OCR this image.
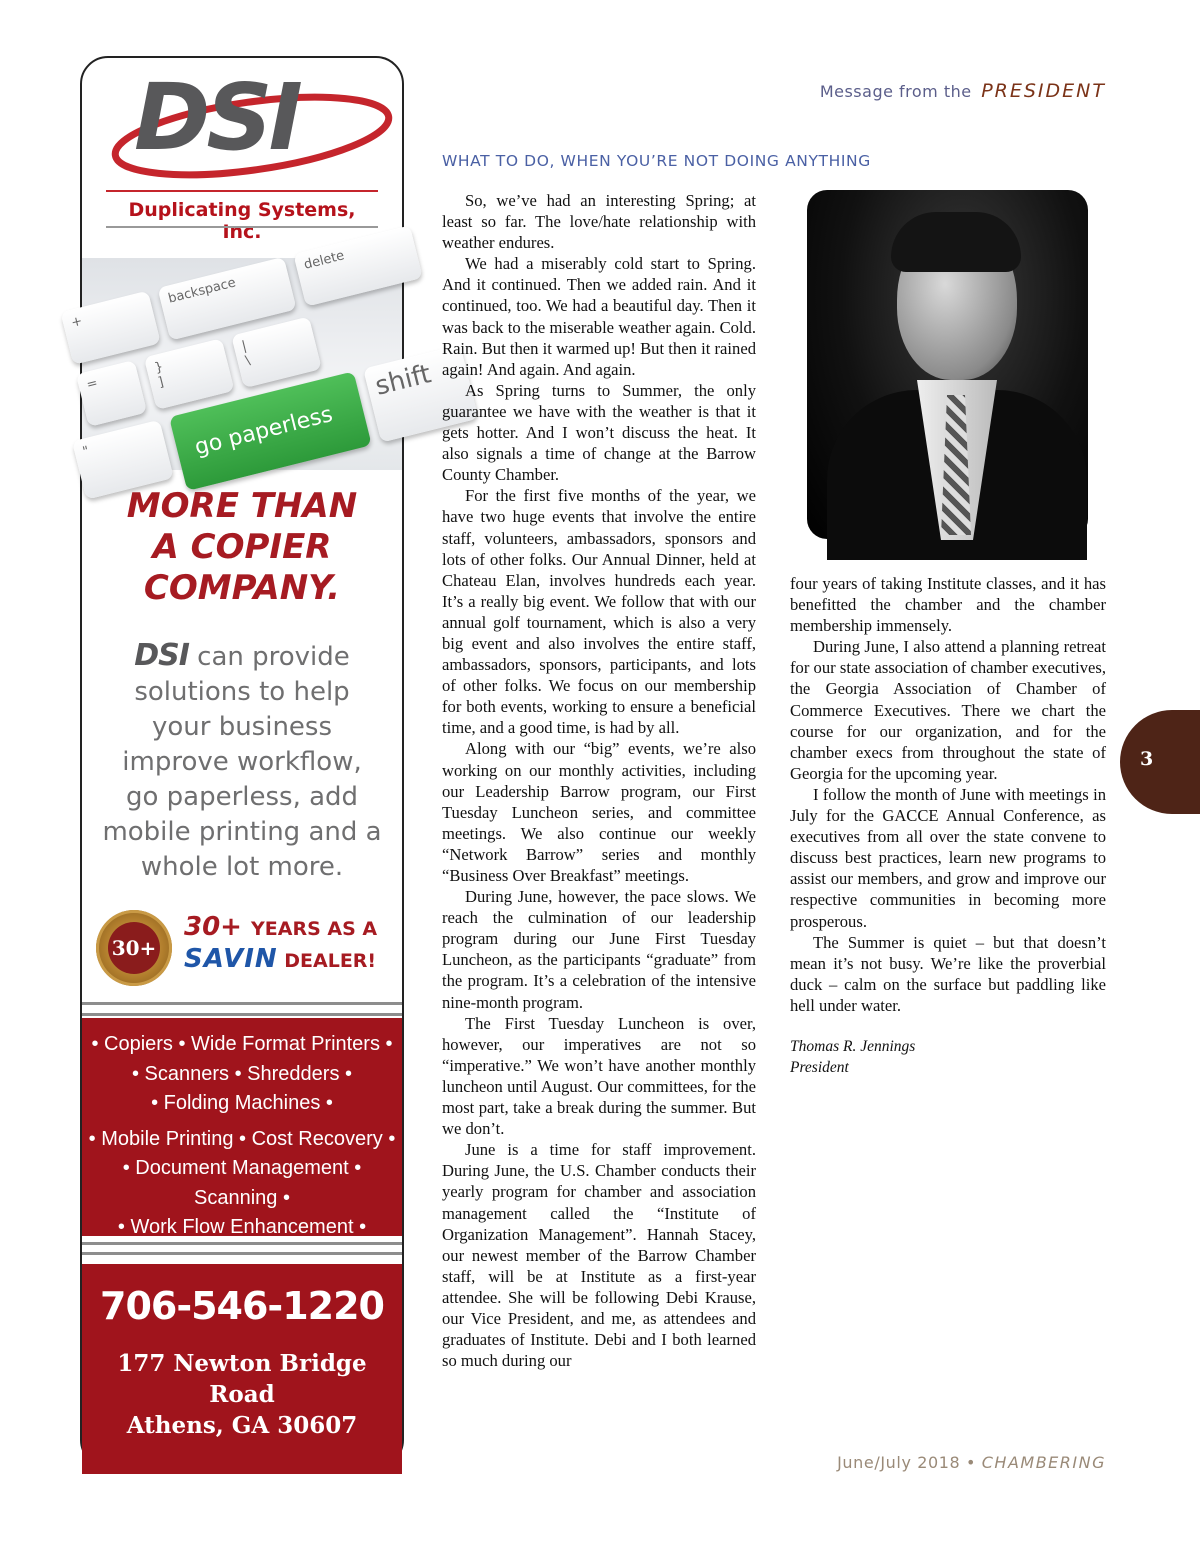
DSI
Duplicating Systems, Inc.
+
backspace
delete
=
}
]
|
\
"	go paperless
shift
MORE THAN
A COPIER
COMPANY.
DSI can provide
solutions to help
your business
improve workflow,
go paperless, add
mobile printing and a
whole lot more.
30+
30+ YEARS AS A
SAVIN DEALER!
• Copiers • Wide Format Printers •
• Scanners • Shredders •
• Folding Machines •
• Mobile Printing • Cost Recovery •
• Document Management • Scanning •
• Work Flow Enhancement •
706-546-1220
177 Newton Bridge Road
Athens, GA 30607
Message from the PRESIDENT
WHAT TO DO, WHEN YOU’RE NOT DOING ANYTHING

So, we’ve had an interesting Spring; at least so far. The love/hate relationship with weather endures.

We had a miserably cold start to Spring. And it continued. Then we added rain. And it continued, too. We had a beautiful day. Then it was back to the miserable weather again. Cold. Rain. But then it warmed up! But then it rained again! And again. And again.

As Spring turns to Summer, the only guarantee we have with the weather is that it gets hotter. And I won’t discuss the heat. It also signals a time of change at the Barrow County Chamber.

For the first five months of the year, we have two huge events that involve the entire staff, volunteers, ambassadors, sponsors and lots of other folks. Our Annual Dinner, held at Chateau Elan, involves hundreds each year. It’s a really big event. We follow that with our annual golf tournament, which is also a very big event and also involves the entire staff, ambassadors, sponsors, participants, and lots of other folks. We focus on our membership for both events, working to ensure a beneficial time, and a good time, is had by all.

Along with our “big” events, we’re also working on our monthly activities, including our Leadership Barrow program, our First Tuesday Luncheon series, and committee meetings. We also continue our weekly “Network Barrow” series and monthly “Business Over Breakfast” meetings.

During June, however, the pace slows. We reach the culmination of our leadership program during our June First Tuesday Luncheon, as the participants “graduate” from the program. It’s a celebration of the intensive nine-month program.

The First Tuesday Luncheon is over, however, our imperatives are not so “imperative.” We won’t have another monthly luncheon until August. Our committees, for the most part, take a break during the summer. But we don’t.

June is a time for staff improvement. During June, the U.S. Chamber conducts their yearly program for chamber and association management called the “Institute of Organization Management”. Hannah Stacey, our newest member of the Barrow Chamber staff, will be at Institute as a first-year attendee. She will be following Debi Krause, our Vice President, and me, as attendees and graduates of Institute. Debi and I both learned so much during our

four years of taking Institute classes, and it has benefitted the chamber and the chamber membership immensely.

During June, I also attend a planning retreat for our state association of chamber executives, the Georgia Association of Chamber of Commerce Executives. There we chart the course for our organization, and for the chamber execs from throughout the state of Georgia for the upcoming year.

I follow the month of June with meetings in July for the GACCE Annual Conference, as executives from all over the state convene to discuss best practices, learn new programs to assist our members, and grow and improve our respective communities in becoming more prosperous.

The Summer is quiet – but that doesn’t mean it’s not busy. We’re like the proverbial duck – calm on the surface but paddling like hell under water.

Thomas R. Jennings
President

3
June/July 2018 • CHAMBERING
